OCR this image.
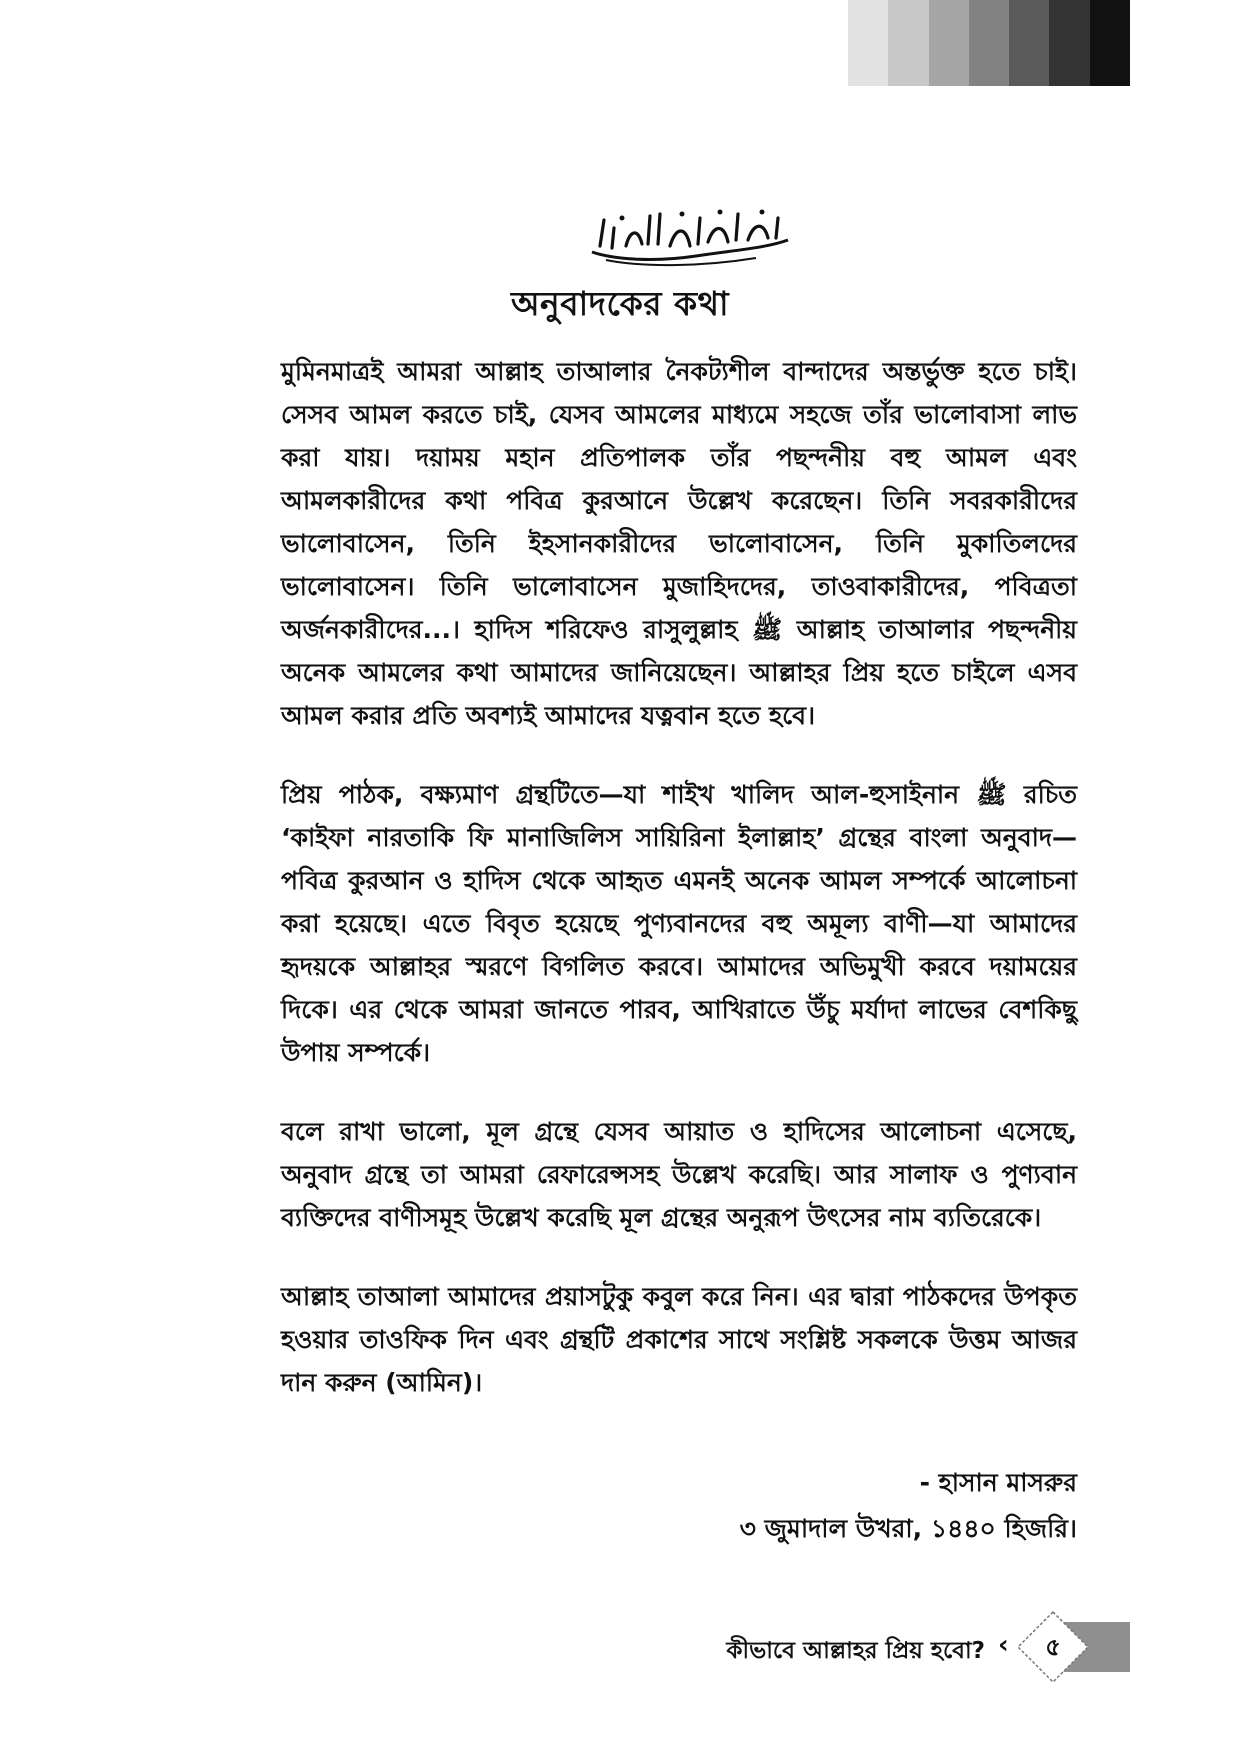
অনুবাদকের কথা

মুমিনমাত্রই আমরা আল্লাহ তাআলার নৈকট্যশীল বান্দাদের অন্তর্ভুক্ত হতে চাই। সেসব আমল করতে চাই, যেসব আমলের মাধ্যমে সহজে তাঁর ভালোবাসা লাভ করা যায়। দয়াময় মহান প্রতিপালক তাঁর পছন্দনীয় বহু আমল এবং আমলকারীদের কথা পবিত্র কুরআনে উল্লেখ করেছেন। তিনি সবরকারীদের ভালোবাসেন, তিনি ইহসানকারীদের ভালোবাসেন, তিনি মুকাতিলদের ভালোবাসেন। তিনি ভালোবাসেন মুজাহিদদের, তাওবাকারীদের, পবিত্রতা অর্জনকারীদের...। হাদিস শরিফেও রাসুলুল্লাহ ﷺ আল্লাহ তাআলার পছন্দনীয় অনেক আমলের কথা আমাদের জানিয়েছেন। আল্লাহর প্রিয় হতে চাইলে এসব আমল করার প্রতি অবশ্যই আমাদের যত্নবান হতে হবে।

প্রিয় পাঠক, বক্ষ্যমাণ গ্রন্থটিতে—যা শাইখ খালিদ আল-হুসাইনান ﷺ রচিত ‘কাইফা নারতাকি ফি মানাজিলিস সায়িরিনা ইলাল্লাহ’ গ্রন্থের বাংলা অনুবাদ—পবিত্র কুরআন ও হাদিস থেকে আহৃত এমনই অনেক আমল সম্পর্কে আলোচনা করা হয়েছে। এতে বিবৃত হয়েছে পুণ্যবানদের বহু অমূল্য বাণী—যা আমাদের হৃদয়কে আল্লাহর স্মরণে বিগলিত করবে। আমাদের অভিমুখী করবে দয়াময়ের দিকে। এর থেকে আমরা জানতে পারব, আখিরাতে উঁচু মর্যাদা লাভের বেশকিছু উপায় সম্পর্কে।

বলে রাখা ভালো, মূল গ্রন্থে যেসব আয়াত ও হাদিসের আলোচনা এসেছে, অনুবাদ গ্রন্থে তা আমরা রেফারেন্সসহ উল্লেখ করেছি। আর সালাফ ও পুণ্যবান ব্যক্তিদের বাণীসমূহ উল্লেখ করেছি মূল গ্রন্থের অনুরূপ উৎসের নাম ব্যতিরেকে।

আল্লাহ তাআলা আমাদের প্রয়াসটুকু কবুল করে নিন। এর দ্বারা পাঠকদের উপকৃত হওয়ার তাওফিক দিন এবং গ্রন্থটি প্রকাশের সাথে সংশ্লিষ্ট সকলকে উত্তম আজর দান করুন (আমিন)।

- হাসান মাসরুর
৩ জুমাদাল উখরা, ১৪৪০ হিজরি।
কীভাবে আল্লাহর প্রিয় হবো? ‹	৫
